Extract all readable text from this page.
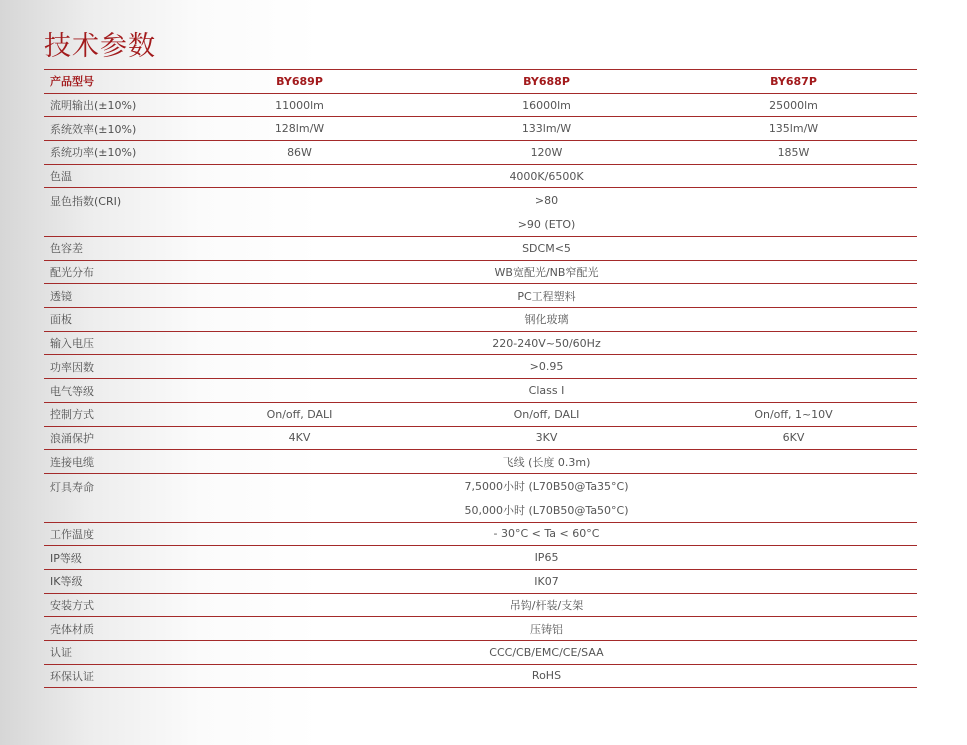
技术参数
产品型号	BY689P	BY688P	BY687P
流明输出(±10%)	11000lm	16000lm	25000lm
系统效率(±10%)	128lm/W	133lm/W	135lm/W
系统功率(±10%)	86W	120W	185W
色温	4000K/6500K
显色指数(CRI)	>80
>90 (ETO)
色容差	SDCM<5
配光分布	WB宽配光/NB窄配光
透镜	PC工程塑料
面板	钢化玻璃
输入电压	220-240V~50/60Hz
功率因数	>0.95
电气等级	Class I
控制方式	On/off, DALI	On/off, DALI	On/off, 1~10V
浪涌保护	4KV	3KV	6KV
连接电缆	飞线 (长度 0.3m)
灯具寿命	7,5000小时 (L70B50@Ta35°C)
50,000小时 (L70B50@Ta50°C)
工作温度	- 30°C < Ta < 60°C
IP等级	IP65
IK等级	IK07
安装方式	吊钩/杆装/支架
壳体材质	压铸铝
认证	CCC/CB/EMC/CE/SAA
环保认证	RoHS
